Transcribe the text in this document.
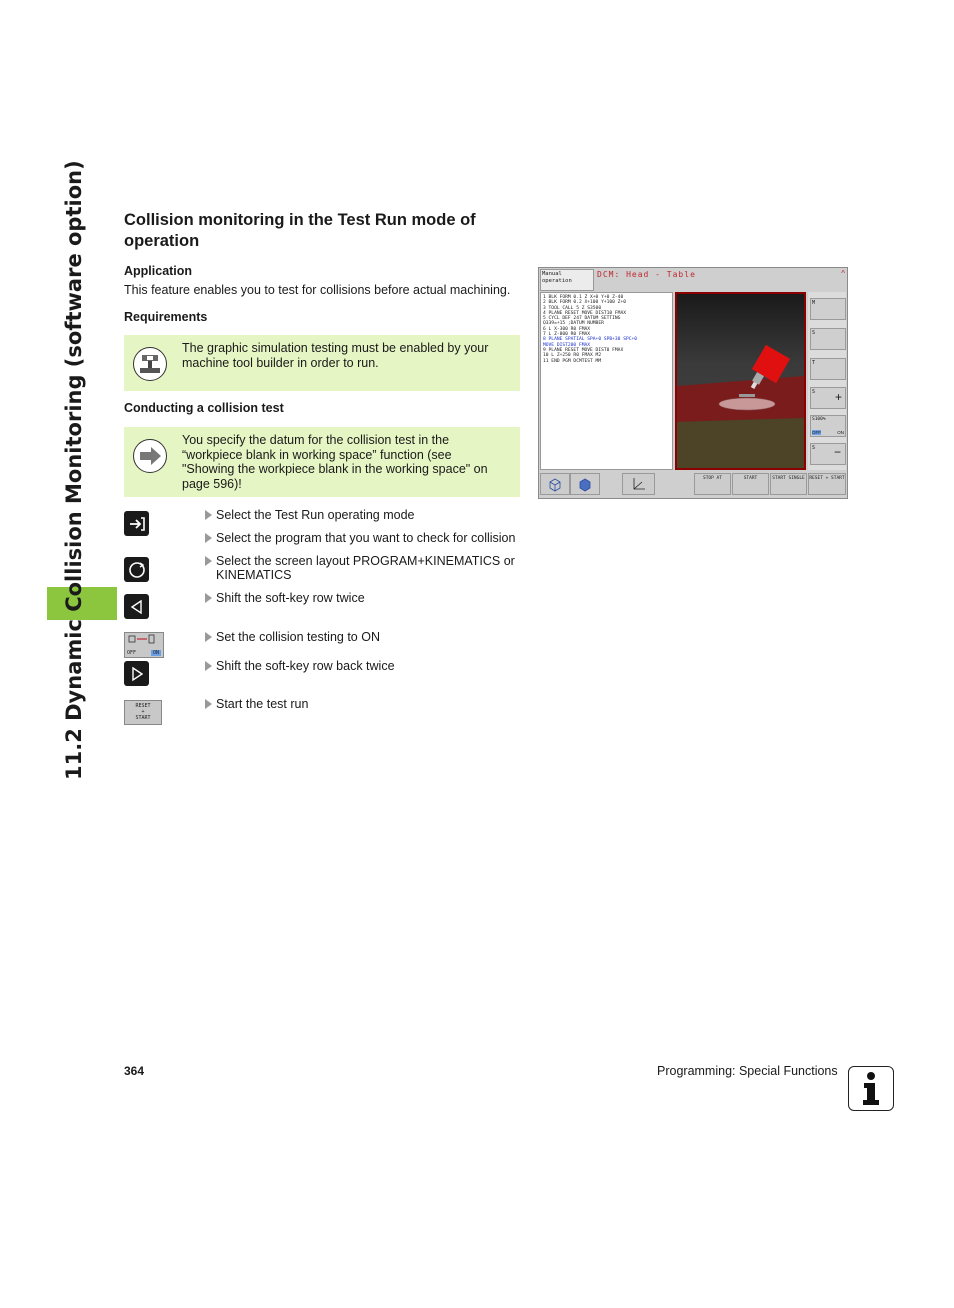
11.2 Dynamic Collision Monitoring (software option) Collision monitoring in the Test Run mode of operation
Application
This feature enables you to test for collisions before actual machining.
Requirements
The graphic simulation testing must be enabled by your machine tool builder in order to run.
Conducting a collision test
You specify the datum for the collision test in the “workpiece blank in working space” function (see "Showing the workpiece blank in the working space" on page 596)!
OFF	ON
RESET
+
START
Select the Test Run operating mode
Select the program that you want to check for collision
Select the screen layout PROGRAM+KINEMATICS or
KINEMATICS
Shift the soft-key row twice
Set the collision testing to ON
Shift the soft-key row back twice
Start the test run
Manual
operation
DCM: Head - Table	^
1 BLK FORM 0.1 Z X+0 Y+0 Z-40
2 BLK FORM 0.2 X+100 Y+100 Z+0
3 TOOL CALL 5 Z S3500
4 PLANE RESET MOVE DIST10 FMAX
5 CYCL DEF 247 DATUM SETTING
Q339=+15 ;DATUM NUMBER
6 L X-300 R0 FMAX
7 L Z-800 R0 FMAX
8 PLANE SPATIAL SPA+0 SPB+30 SPC+0
MOVE DIST200 FMAX
9 PLANE RESET MOVE DIST0 FMAX
10 L Z+250 R0 FMAX M2
11 END PGM DCMTEST MM
M
S
T
S +
S100%
OFF	ON
S −
STOP AT	START	START SINGLE	RESET + START
364	Programming: Special Functions
